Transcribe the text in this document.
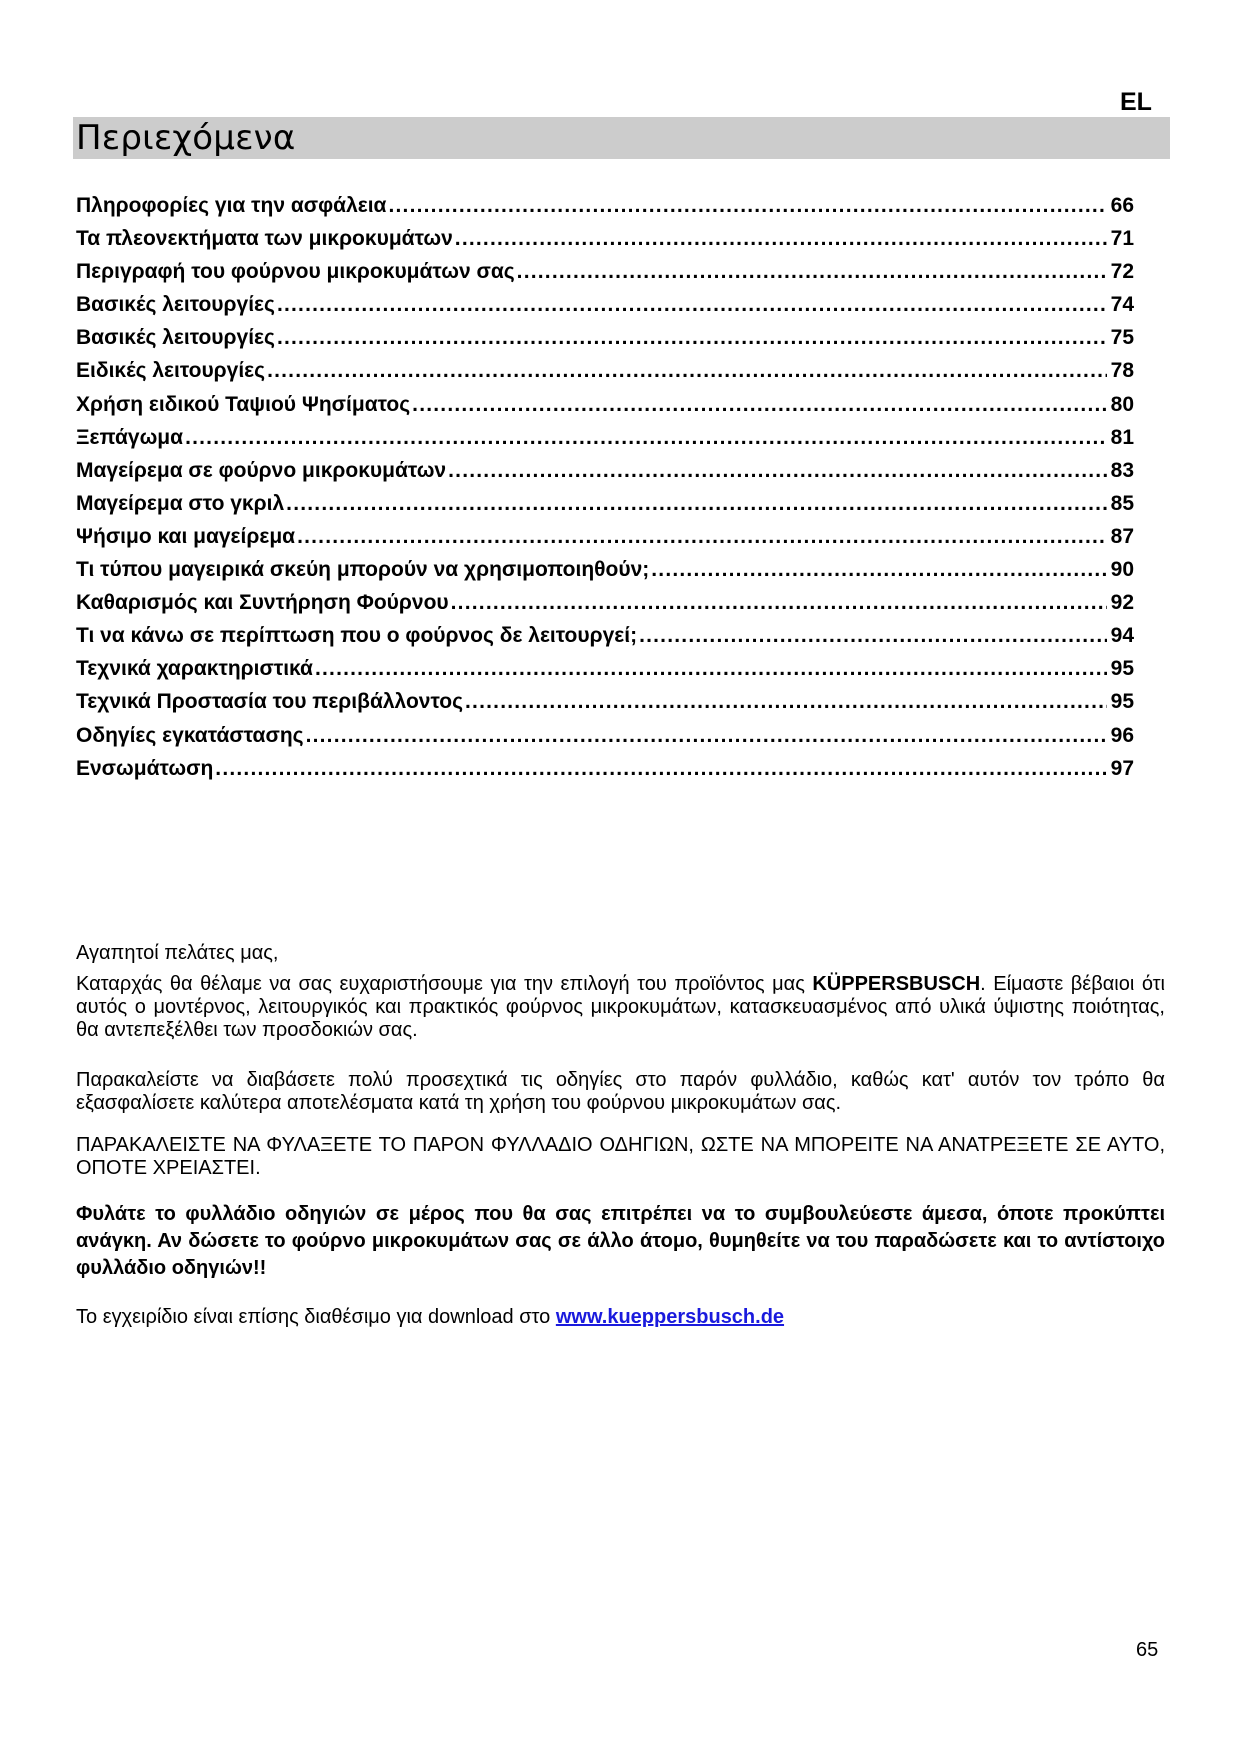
EL
Περιεχόμενα
Πληροφορίες για την ασφάλεια .....	66
Τα πλεονεκτήματα των μικροκυμάτων .....	71
Περιγραφή του φούρνου μικροκυμάτων σας .....	72
Βασικές λειτουργίες .....	74
Βασικές λειτουργίες .....	75
Ειδικές λειτουργίες .....	78
Χρήση ειδικού Ταψιού Ψησίματος .....	80
Ξεπάγωμα .....	81
Μαγείρεμα σε φούρνο μικροκυμάτων .....	83
Μαγείρεμα στο γκριλ .....	85
Ψήσιμο και μαγείρεμα .....	87
Τι τύπου μαγειρικά σκεύη μπορούν να χρησιμοποιηθούν; .....	90
Καθαρισμός και Συντήρηση Φούρνου .....	92
Τι να κάνω σε περίπτωση που ο φούρνος δε λειτουργεί; .....	94
Τεχνικά χαρακτηριστικά .....	95
Τεχνικά Προστασία του περιβάλλοντος .....	95
Οδηγίες εγκατάστασης .....	96
Ενσωμάτωση .....	97

Αγαπητοί πελάτες μας,

Καταρχάς θα θέλαμε να σας ευχαριστήσουμε για την επιλογή του προϊόντος μας KÜPPERSBUSCH. Είμαστε βέβαιοι ότι αυτός ο μοντέρνος, λειτουργικός και πρακτικός φούρνος μικροκυμάτων, κατασκευασμένος από υλικά ύψιστης ποιότητας, θα αντεπεξέλθει των προσδοκιών σας.

Παρακαλείστε να διαβάσετε πολύ προσεχτικά τις οδηγίες στο παρόν φυλλάδιο, καθώς κατ' αυτόν τον τρόπο θα εξασφαλίσετε καλύτερα αποτελέσματα κατά τη χρήση του φούρνου μικροκυμάτων σας.

ΠΑΡΑΚΑΛΕΙΣΤΕ ΝΑ ΦΥΛΑΞΕΤΕ ΤΟ ΠΑΡΟΝ ΦΥΛΛΑΔΙΟ ΟΔΗΓΙΩΝ, ΩΣΤΕ ΝΑ ΜΠΟΡΕΙΤΕ ΝΑ ΑΝΑΤΡΕΞΕΤΕ ΣΕ ΑΥΤΟ, ΟΠΟΤΕ ΧΡΕΙΑΣΤΕΙ.

Φυλάτε το φυλλάδιο οδηγιών σε μέρος που θα σας επιτρέπει να το συμβουλεύεστε άμεσα, όποτε προκύπτει ανάγκη. Αν δώσετε το φούρνο μικροκυμάτων σας σε άλλο άτομο, θυμηθείτε να του παραδώσετε και το αντίστοιχο φυλλάδιο οδηγιών!!

Το εγχειρίδιο είναι επίσης διαθέσιμο για download στο www.kueppersbusch.de

65
